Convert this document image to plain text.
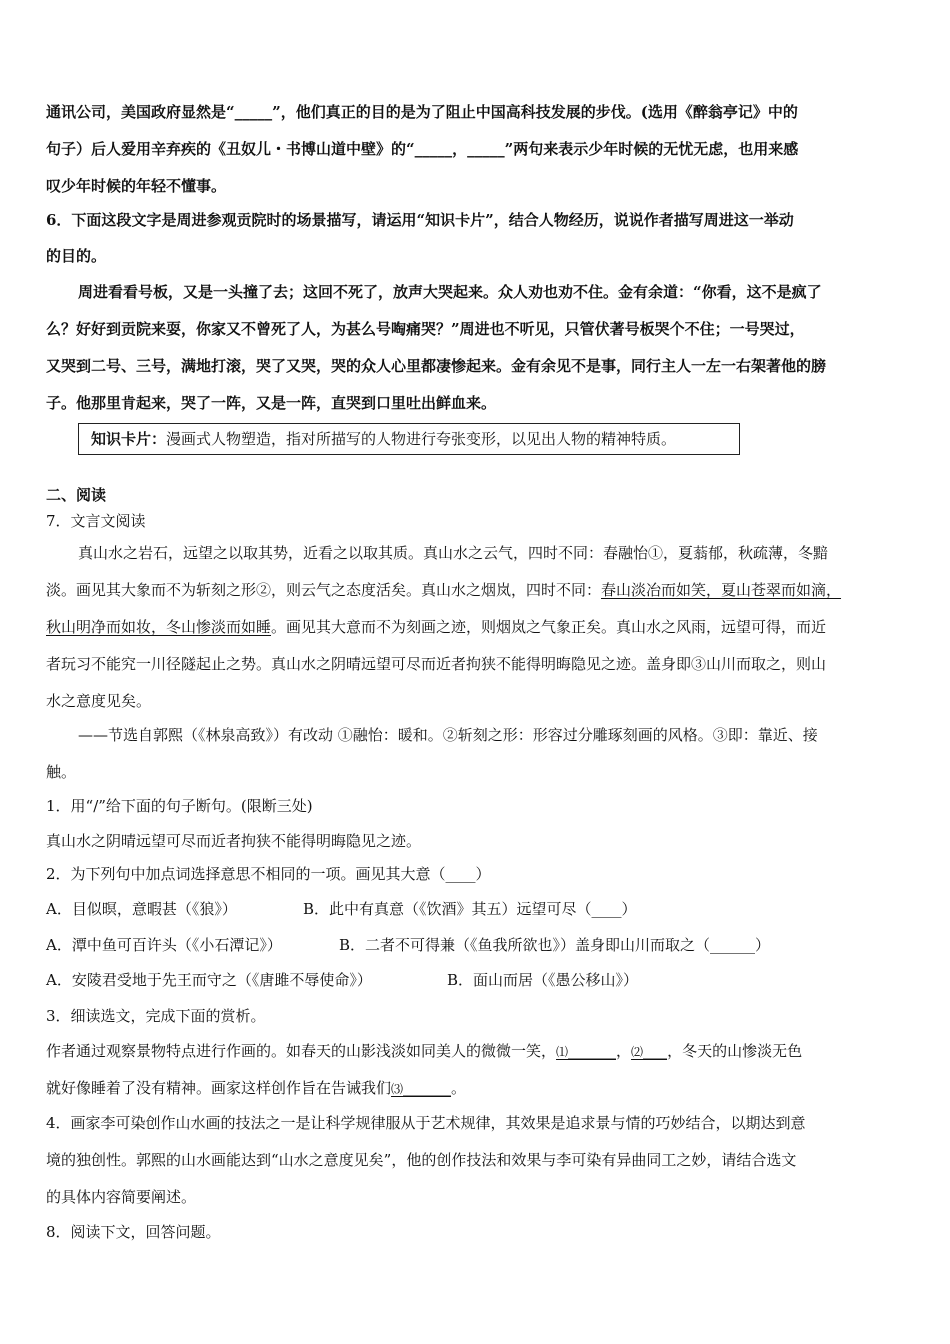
通讯公司，美国政府显然是“_____”，他们真正的目的是为了阻止中国高科技发展的步伐。(选用《醉翁亭记》中的
句子）后人爱用辛弃疾的《丑奴儿・书博山道中壁》的“_____，_____”两句来表示少年时候的无忧无虑，也用来感
叹少年时候的年轻不懂事。
6．下面这段文字是周进参观贡院时的场景描写，请运用“知识卡片”，结合人物经历，说说作者描写周进这一举动
的目的。
周进看看号板，又是一头撞了去；这回不死了，放声大哭起来。众人劝也劝不住。金有余道：“你看，这不是疯了
么？好好到贡院来耍，你家又不曾死了人，为甚么号啕痛哭？”周进也不听见，只管伏著号板哭个不住；一号哭过，
又哭到二号、三号，满地打滚，哭了又哭，哭的众人心里都凄惨起来。金有余见不是事，同行主人一左一右架著他的膀
子。他那里肯起来，哭了一阵，又是一阵，直哭到口里吐出鲜血来。
知识卡片：漫画式人物塑造，指对所描写的人物进行夸张变形，以见出人物的精神特质。
二、阅读
7．文言文阅读
真山水之岩石，远望之以取其势，近看之以取其质。真山水之云气，四时不同：春融怡①，夏蓊郁，秋疏薄，冬黯
淡。画见其大象而不为斩刻之形②，则云气之态度活矣。真山水之烟岚，四时不同：春山淡冶而如笑，夏山苍翠而如滴，
秋山明净而如妆，冬山惨淡而如睡。画见其大意而不为刻画之迹，则烟岚之气象正矣。真山水之风雨，远望可得，而近
者玩习不能究一川径隧起止之势。真山水之阴晴远望可尽而近者拘狭不能得明晦隐见之迹。盖身即③山川而取之，则山
水之意度见矣。
——节选自郭熙（《林泉高致》）有改动 ①融怡：暖和。②斩刻之形：形容过分雕琢刻画的风格。③即：靠近、接
触。
1．用“/”给下面的句子断句。(限断三处)
真山水之阴晴远望可尽而近者拘狭不能得明晦隐见之迹。
2．为下列句中加点词选择意思不相同的一项。画见其大意（____）
A．目似暝，意暇甚（《狼》）	B．此中有真意（《饮酒》其五）远望可尽（____）
A．潭中鱼可百许头（《小石潭记》）	B．二者不可得兼（《鱼我所欲也》）盖身即山川而取之（______）
A．安陵君受地于先王而守之（《唐雎不辱使命》）	B．面山而居（《愚公移山》）
3．细读选文，完成下面的赏析。
作者通过观察景物特点进行作画的。如春天的山影浅淡如同美人的微微一笑，⑴________，⑵____，冬天的山惨淡无色
就好像睡着了没有精神。画家这样创作旨在告诫我们⑶________。
4．画家李可染创作山水画的技法之一是让科学规律服从于艺术规律，其效果是追求景与情的巧妙结合，以期达到意
境的独创性。郭熙的山水画能达到“山水之意度见矣”，他的创作技法和效果与李可染有异曲同工之妙，请结合选文
的具体内容简要阐述。
8．阅读下文，回答问题。
